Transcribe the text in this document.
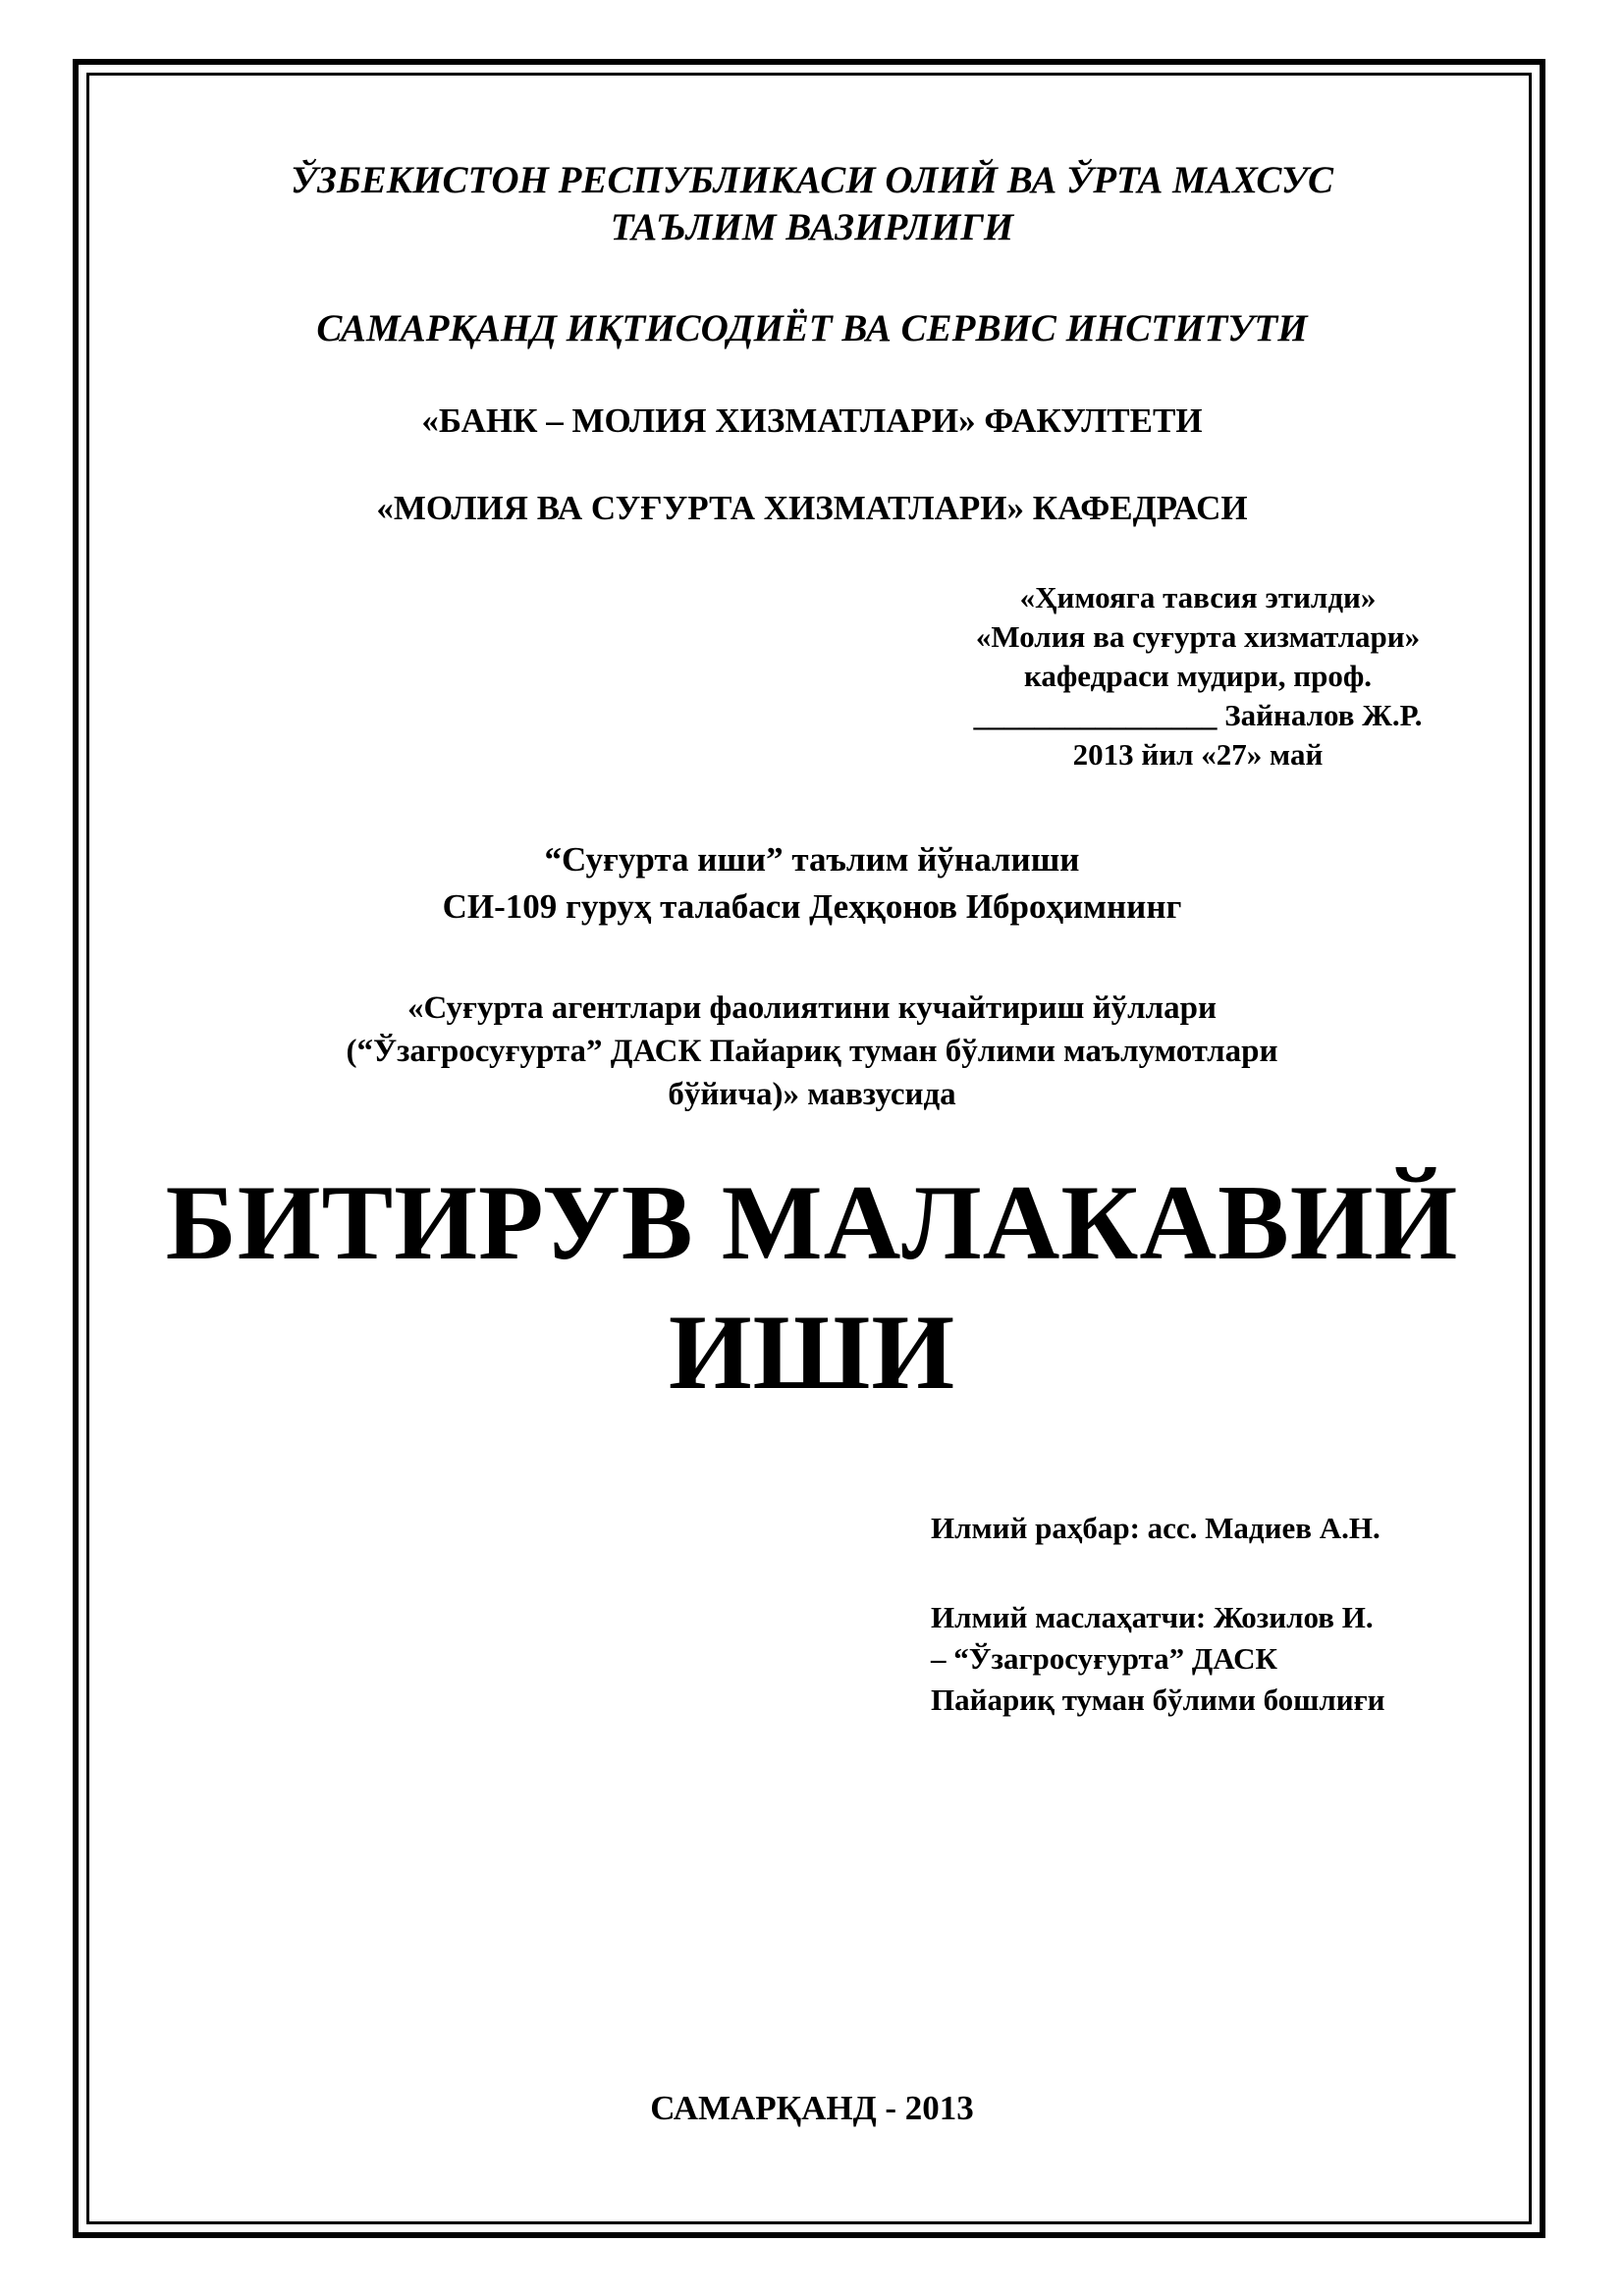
ЎЗБЕКИСТОН РЕСПУБЛИКАСИ ОЛИЙ ВА ЎРТА МАХСУС
ТАЪЛИМ ВАЗИРЛИГИ
САМАРҚАНД ИҚТИСОДИЁТ ВА СЕРВИС ИНСТИТУТИ
«БАНК – МОЛИЯ ХИЗМАТЛАРИ» ФАКУЛТЕТИ
«МОЛИЯ ВА СУҒУРТА ХИЗМАТЛАРИ» КАФЕДРАСИ
«Ҳимояга тавсия этилди»
«Молия ва суғурта хизматлари»
кафедраси мудири, проф.
________________ Зайналов Ж.Р.
2013 йил «27» май
“Суғурта иши” таълим йўналиши
СИ-109 гуруҳ талабаси Деҳқонов Иброҳимнинг
«Суғурта агентлари фаолиятини кучайтириш йўллари
(“Ўзагросуғурта” ДАСК Пайариқ туман бўлими маълумотлари
бўйича)» мавзусида
БИТИРУВ МАЛАКАВИЙ
ИШИ
Илмий раҳбар: асс. Мадиев А.Н.
Илмий маслаҳатчи: Жозилов И.
– “Ўзагросуғурта” ДАСК
Пайариқ туман бўлими бошлиғи
САМАРҚАНД - 2013
